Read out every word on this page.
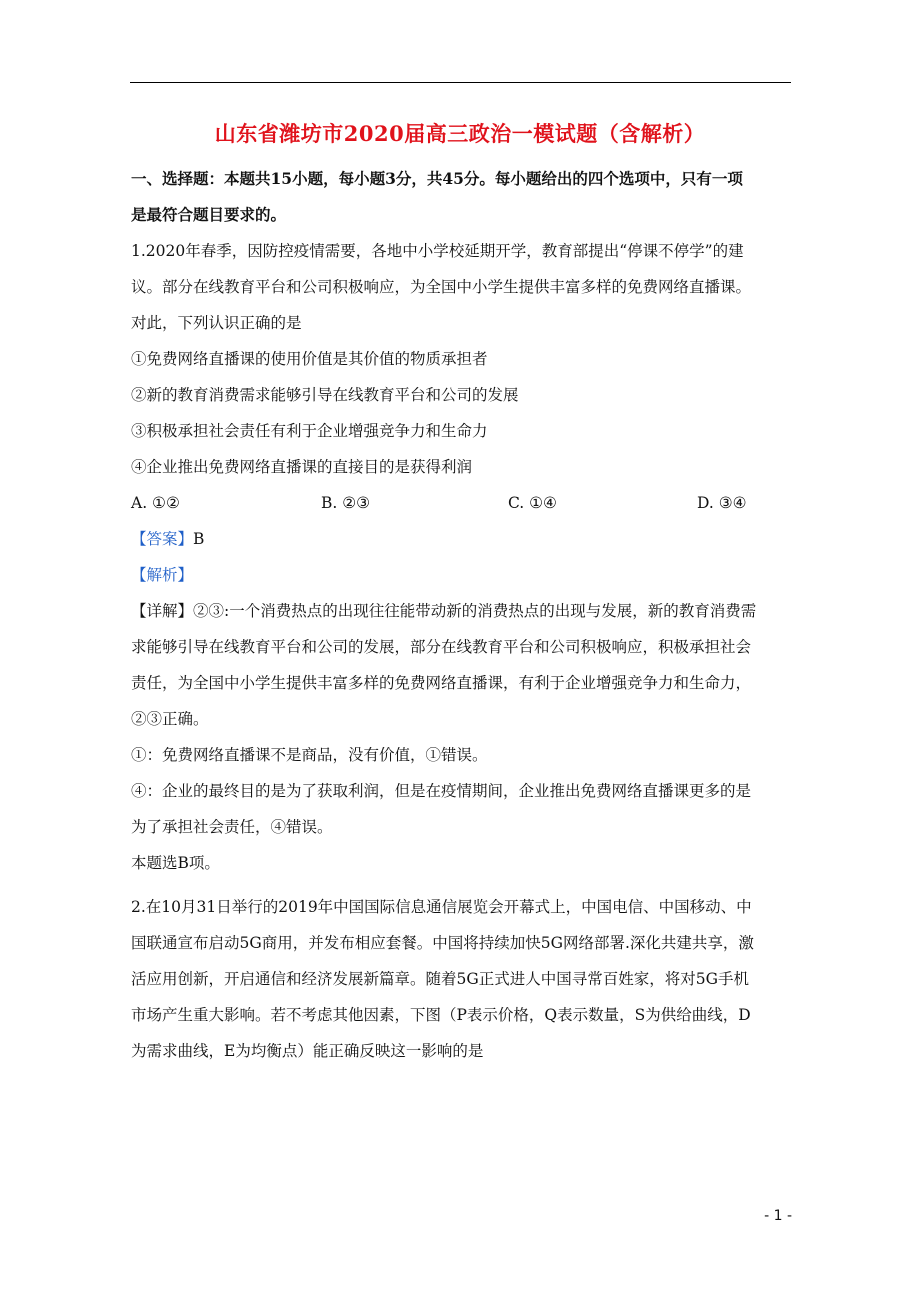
山东省潍坊市2020届高三政治一模试题（含解析）

一、选择题：本题共15小题，每小题3分，共45分。每小题给出的四个选项中，只有一项

是最符合题目要求的。

1.2020年春季，因防控疫情需要，各地中小学校延期开学，教育部提出“停课不停学”的建

议。部分在线教育平台和公司积极响应，为全国中小学生提供丰富多样的免费网络直播课。

对此，下列认识正确的是

①免费网络直播课的使用价值是其价值的物质承担者

②新的教育消费需求能够引导在线教育平台和公司的发展

③积极承担社会责任有利于企业增强竞争力和生命力

④企业推出免费网络直播课的直接目的是获得利润

A. ①②	B. ②③	C. ①④	D. ③④

【答案】B

【解析】

【详解】②③:一个消费热点的出现往往能带动新的消费热点的出现与发展，新的教育消费需

求能够引导在线教育平台和公司的发展，部分在线教育平台和公司积极响应，积极承担社会

责任，为全国中小学生提供丰富多样的免费网络直播课，有利于企业增强竞争力和生命力，

②③正确。

①：免费网络直播课不是商品，没有价值，①错误。

④：企业的最终目的是为了获取利润，但是在疫情期间，企业推出免费网络直播课更多的是

为了承担社会责任，④错误。

本题选B项。

2.在10月31日举行的2019年中国国际信息通信展览会开幕式上，中国电信、中国移动、中

国联通宣布启动5G商用，并发布相应套餐。中国将持续加快5G网络部署.深化共建共享，激

活应用创新，开启通信和经济发展新篇章。随着5G正式进人中国寻常百姓家，将对5G手机

市场产生重大影响。若不考虑其他因素，下图（P表示价格，Q表示数量，S为供给曲线，D

为需求曲线，E为均衡点）能正确反映这一影响的是

- 1 -
